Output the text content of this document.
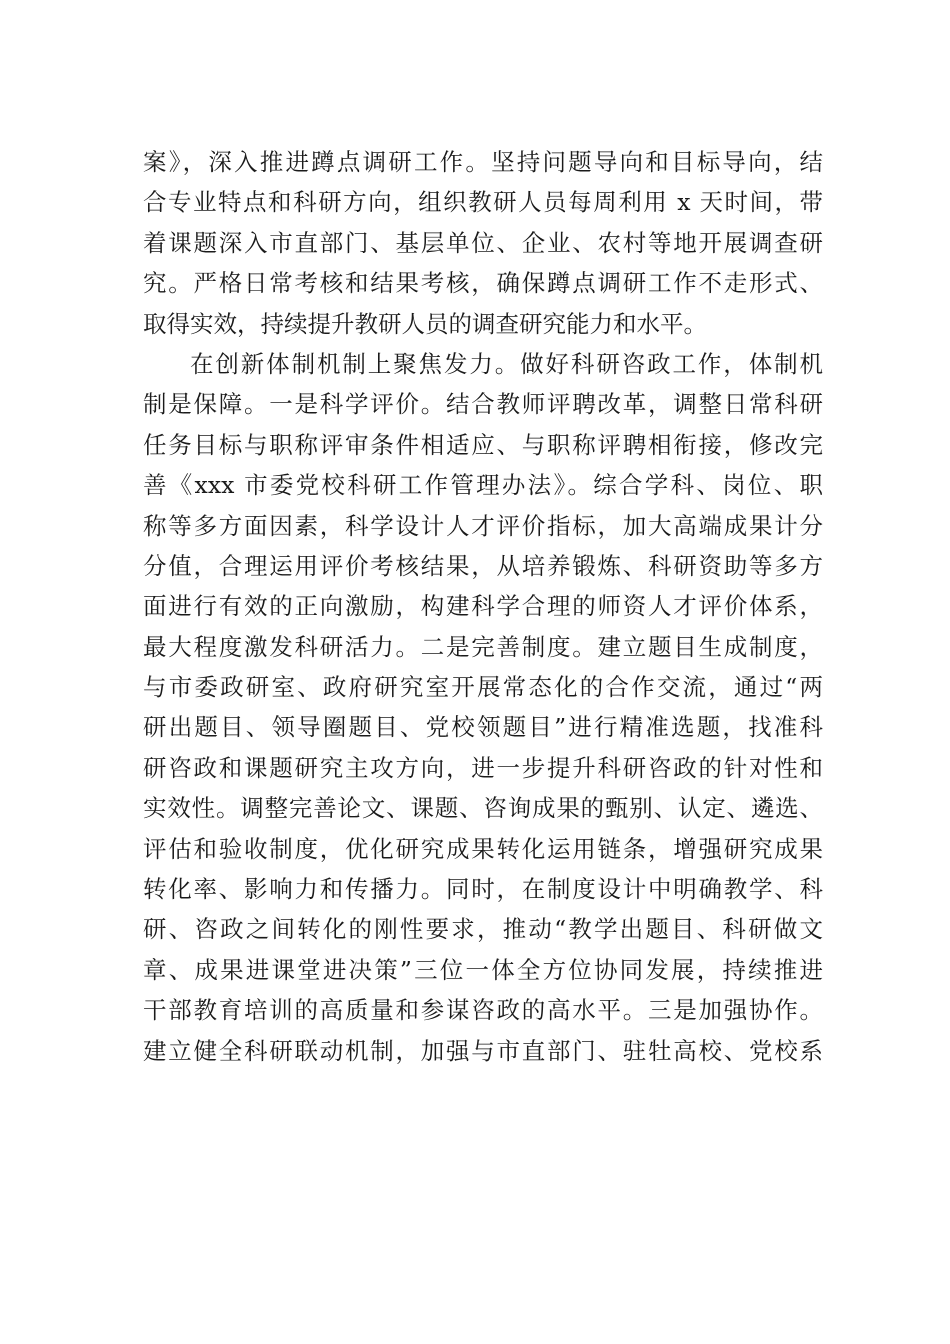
案》，深入推进蹲点调研工作。坚持问题导向和目标导向，结
合专业特点和科研方向，组织教研人员每周利用 x 天时间，带
着课题深入市直部门、基层单位、企业、农村等地开展调查研
究。严格日常考核和结果考核，确保蹲点调研工作不走形式、
取得实效，持续提升教研人员的调查研究能力和水平。
在创新体制机制上聚焦发力。做好科研咨政工作，体制机
制是保障。一是科学评价。结合教师评聘改革，调整日常科研
任务目标与职称评审条件相适应、与职称评聘相衔接，修改完
善《xxx 市委党校科研工作管理办法》。综合学科、岗位、职
称等多方面因素，科学设计人才评价指标，加大高端成果计分
分值，合理运用评价考核结果，从培养锻炼、科研资助等多方
面进行有效的正向激励，构建科学合理的师资人才评价体系，
最大程度激发科研活力。二是完善制度。建立题目生成制度，
与市委政研室、政府研究室开展常态化的合作交流，通过“两
研出题目、领导圈题目、党校领题目”进行精准选题，找准科
研咨政和课题研究主攻方向，进一步提升科研咨政的针对性和
实效性。调整完善论文、课题、咨询成果的甄别、认定、遴选、
评估和验收制度，优化研究成果转化运用链条，增强研究成果
转化率、影响力和传播力。同时，在制度设计中明确教学、科
研、咨政之间转化的刚性要求，推动“教学出题目、科研做文
章、成果进课堂进决策”三位一体全方位协同发展，持续推进
干部教育培训的高质量和参谋咨政的高水平。三是加强协作。
建立健全科研联动机制，加强与市直部门、驻牡高校、党校系
